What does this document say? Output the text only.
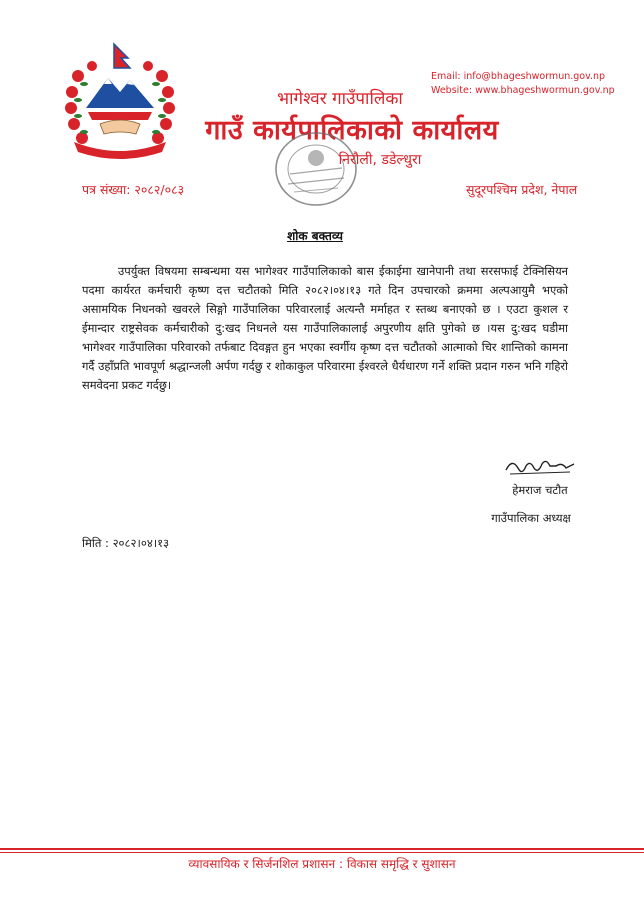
Email: info@bhageshwormun.gov.np
Website: www.bhageshwormun.gov.np
भागेश्वर गाउँपालिका
गाउँ कार्यपालिकाको कार्यालय
निरौली, डडेल्धुरा
पत्र संख्या: २०८२/०८३	सुदूरपश्चिम प्रदेश, नेपाल
शोक बक्तव्य
उपर्युक्त विषयमा सम्बन्धमा यस भागेश्वर गाउँपालिकाको बास ईकाईमा खानेपानी तथा सरसफाई टेक्निसियन पदमा कार्यरत कर्मचारी कृष्ण दत्त चटौतको मिति २०८२।०४।१३ गते दिन उपचारको क्रममा अल्पआयुमै भएको असामयिक निधनको खवरले सिङ्गो गाउँपालिका परिवारलाई अत्यन्तै मर्माहत र स्तब्ध बनाएको छ । एउटा कुशल र ईमान्दार राष्ट्रसेवक कर्मचारीको दु:खद निधनले यस गाउँपालिकालाई अपुरणीय क्षति पुगेको छ ।यस दु:खद घडीमा भागेश्वर गाउँपालिका परिवारको तर्फबाट दिवङ्गत हुन भएका स्वर्गीय कृष्ण दत्त चटौतको आत्माको चिर शान्तिको कामना गर्दै उहाँप्रति भावपूर्ण श्रद्धान्जली अर्पण गर्दछु र शोकाकुल परिवारमा ईश्वरले धैर्यधारण गर्ने शक्ति प्रदान गरुन भनि गहिरो समवेदना प्रकट गर्दछु।
हेमराज चटौत
गाउँपालिका अध्यक्ष
मिति : २०८२।०४।१३
व्यावसायिक र सिर्जनशिल प्रशासन : विकास समृद्धि र सुशासन
